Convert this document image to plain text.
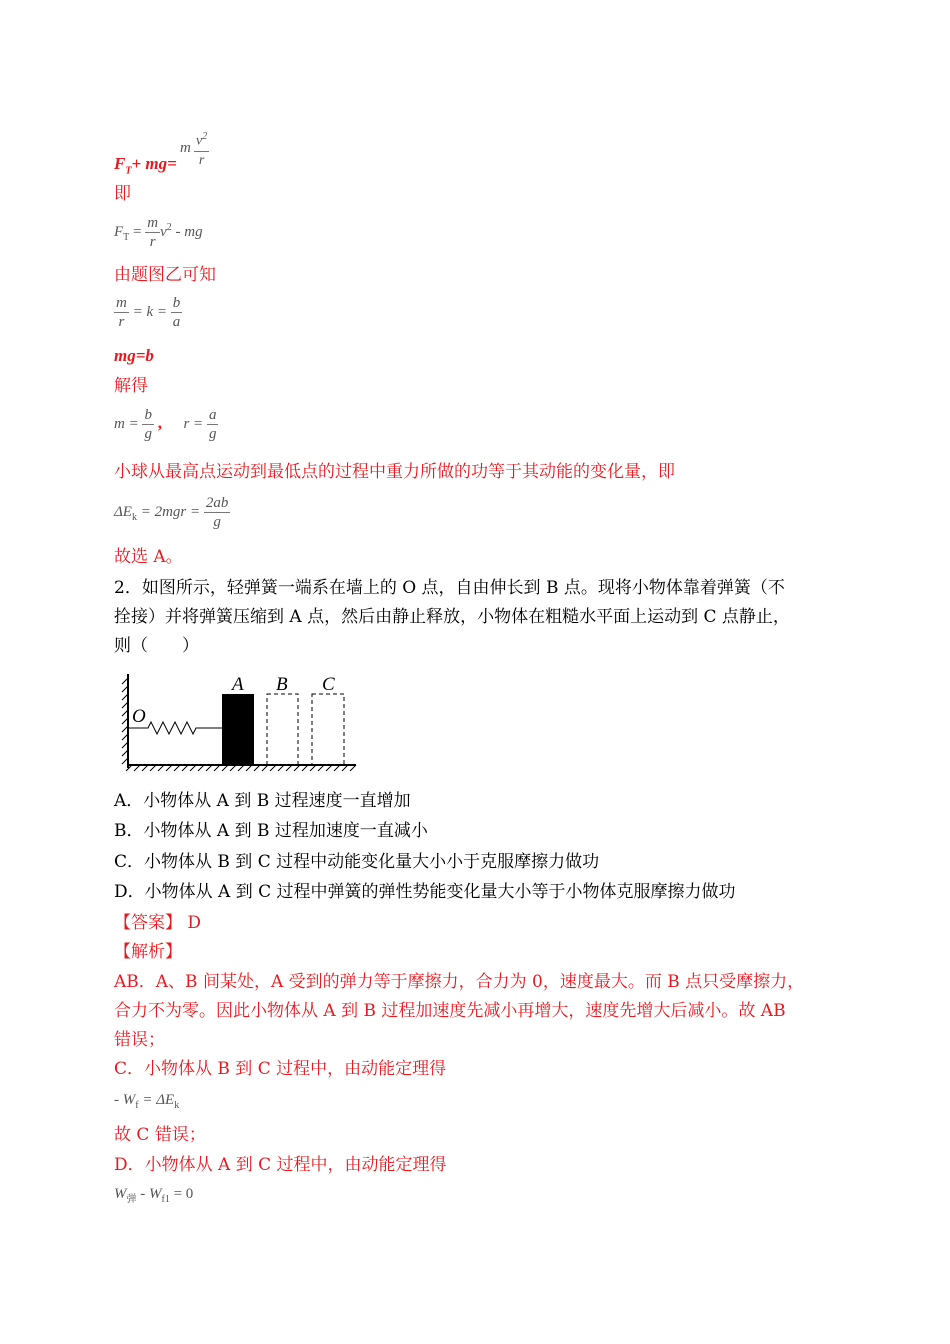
$F_T+ mg=$
m $v^2$
r
即
$F_T = \frac{m}{r} v^2$ - mg
由题图乙可知
$\frac{m}{r} = k = \frac{b}{a}$
mg=b
解得
$m = \frac{b}{g}$ , $r = \frac{a}{g}$
小球从最高点运动到最低点的过程中重力所做的功等于其动能的变化量，即
$\Delta E_k = 2mgr = \frac{2ab}{g}$
故选 A。
2．如图所示，轻弹簧一端系在墙上的 O 点，自由伸长到 B 点。现将小物体靠着弹簧（不
拴接）并将弹簧压缩到 A 点，然后由静止释放，小物体在粗糙水平面上运动到 C 点静止，
则（　　）
A B C
O
A．小物体从 A 到 B 过程速度一直增加
B．小物体从 A 到 B 过程加速度一直减小
C．小物体从 B 到 C 过程中动能变化量大小小于克服摩擦力做功
D．小物体从 A 到 C 过程中弹簧的弹性势能变化量大小等于小物体克服摩擦力做功
【答案】 D
【解析】
AB．A、B 间某处，A 受到的弹力等于摩擦力，合力为 0，速度最大。而 B 点只受摩擦力，
合力不为零。因此小物体从 A 到 B 过程加速度先减小再增大，速度先增大后减小。故 AB
错误；
C．小物体从 B 到 C 过程中，由动能定理得
- $W_f = \Delta E_k$
故 C 错误；
D．小物体从 A 到 C 过程中，由动能定理得
$W_弹 - W_{f1} = 0$
